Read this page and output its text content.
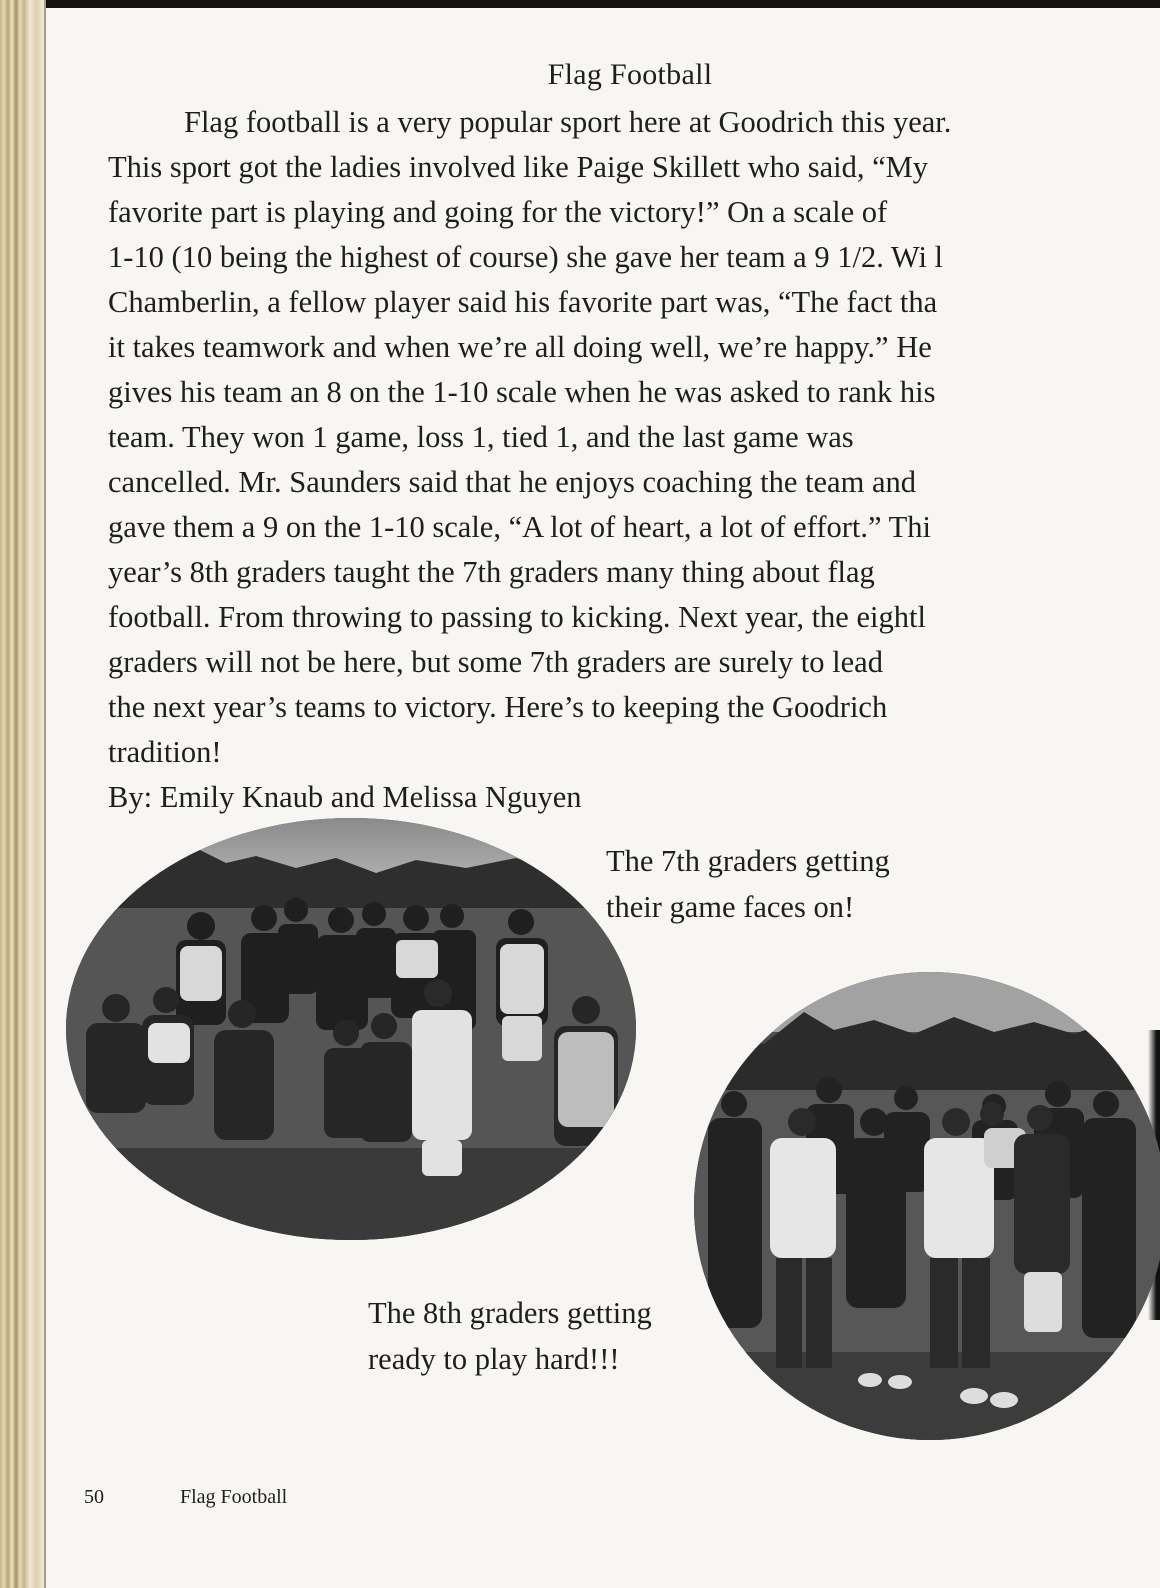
Flag Football
Flag football is a very popular sport here at Goodrich this year.
This sport got the ladies involved like Paige Skillett who said, “My
favorite part is playing and going for the victory!” On a scale of
1-10 (10 being the highest of course) she gave her team a 9 1/2. Wi l
Chamberlin, a fellow player said his favorite part was, “The fact tha
it takes teamwork and when we’re all doing well, we’re happy.” He
gives his team an 8 on the 1-10 scale when he was asked to rank his
team. They won 1 game, loss 1, tied 1, and the last game was
cancelled. Mr. Saunders said that he enjoys coaching the team and
gave them a 9 on the 1-10 scale, “A lot of heart, a lot of effort.” Thi
year’s 8th graders taught the 7th graders many thing about flag
football. From throwing to passing to kicking. Next year, the eightl
graders will not be here, but some 7th graders are surely to lead
the next year’s teams to victory. Here’s to keeping the Goodrich
tradition!
By: Emily Knaub and Melissa Nguyen
The 7th graders getting
their game faces on!
The 8th graders getting
ready to play hard!!!
50	Flag Football
